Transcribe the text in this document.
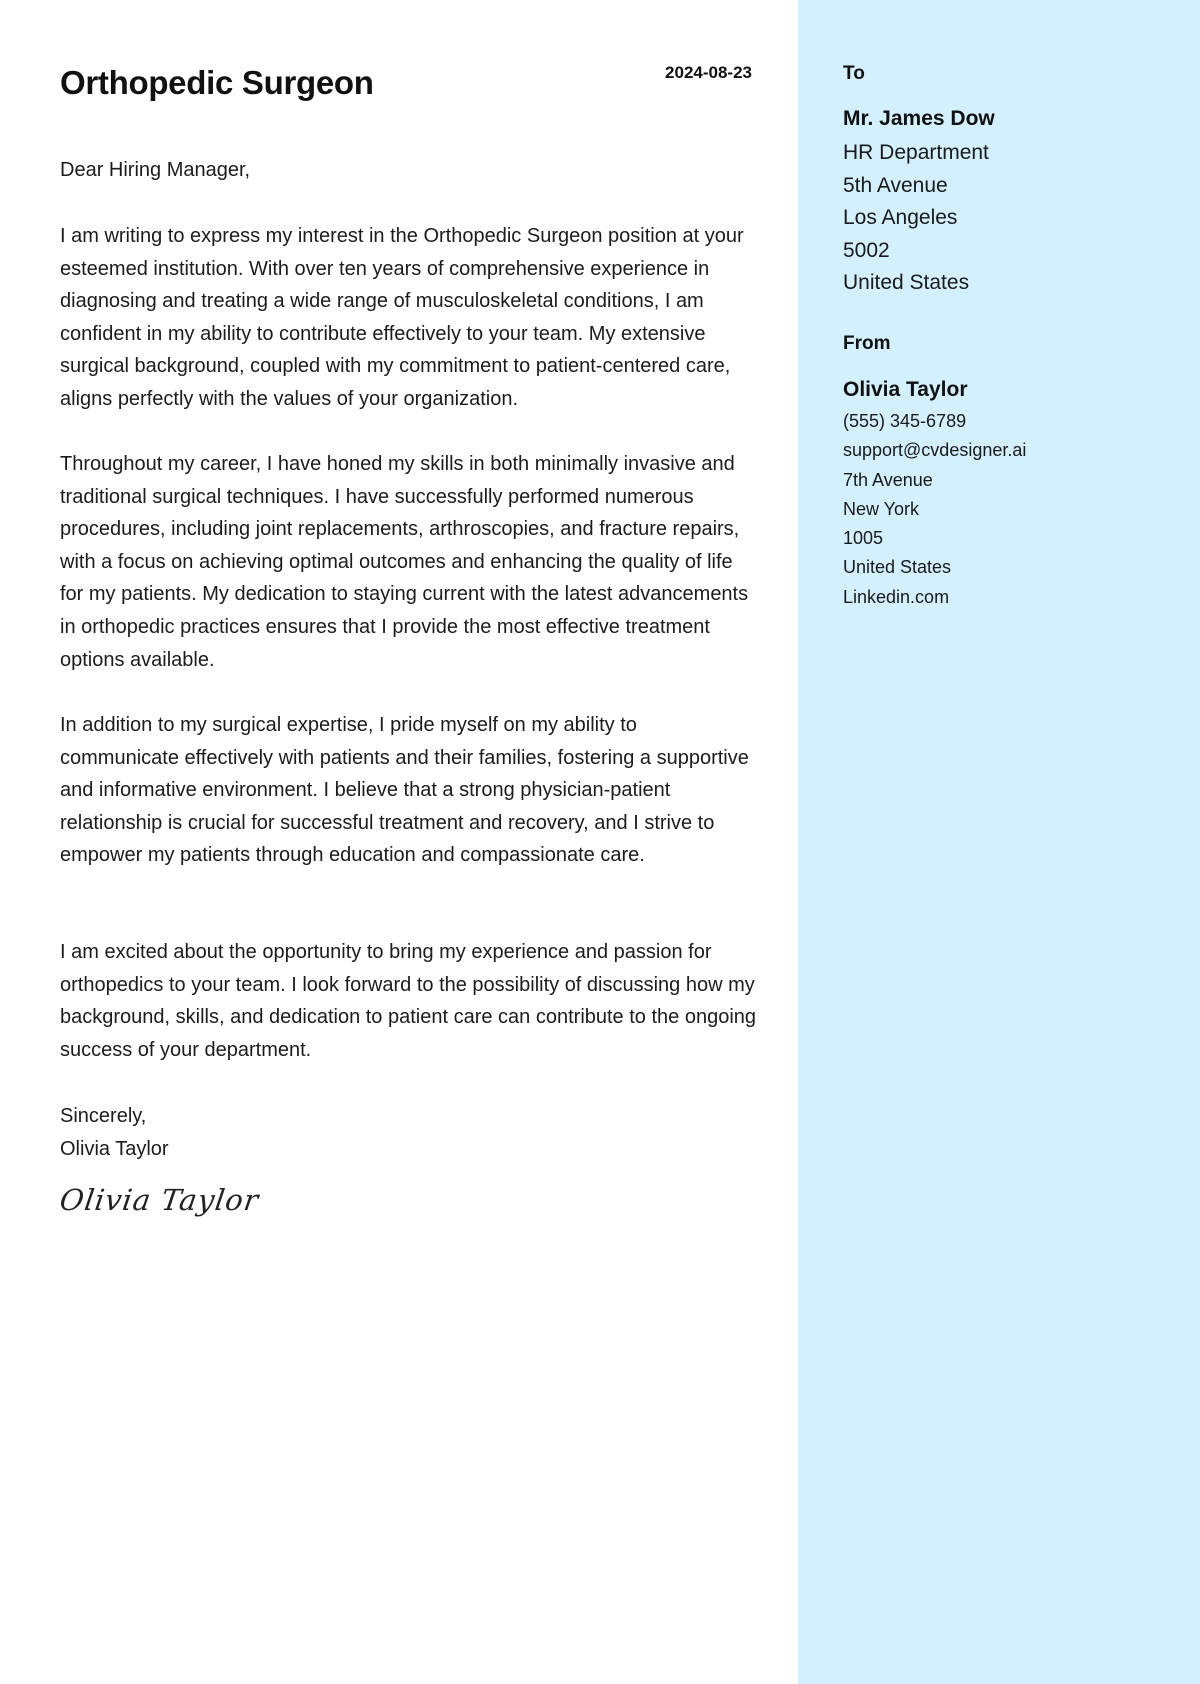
Orthopedic Surgeon	2024-08-23

Dear Hiring Manager,

I am writing to express my interest in the Orthopedic Surgeon position at your esteemed institution. With over ten years of comprehensive experience in diagnosing and treating a wide range of musculoskeletal conditions, I am confident in my ability to contribute effectively to your team. My extensive surgical background, coupled with my commitment to patient-centered care, aligns perfectly with the values of your organization.

Throughout my career, I have honed my skills in both minimally invasive and traditional surgical techniques. I have successfully performed numerous procedures, including joint replacements, arthroscopies, and fracture repairs, with a focus on achieving optimal outcomes and enhancing the quality of life for my patients. My dedication to staying current with the latest advancements in orthopedic practices ensures that I provide the most effective treatment options available.

In addition to my surgical expertise, I pride myself on my ability to communicate effectively with patients and their families, fostering a supportive and informative environment. I believe that a strong physician-patient relationship is crucial for successful treatment and recovery, and I strive to empower my patients through education and compassionate care.

I am excited about the opportunity to bring my experience and passion for orthopedics to your team. I look forward to the possibility of discussing how my background, skills, and dedication to patient care can contribute to the ongoing success of your department.

Sincerely,

Olivia Taylor

Olivia Taylor
To
Mr. James Dow
HR Department
5th Avenue
Los Angeles
5002
United States
From
Olivia Taylor
(555) 345-6789
support@cvdesigner.ai
7th Avenue
New York
1005
United States
Linkedin.com
